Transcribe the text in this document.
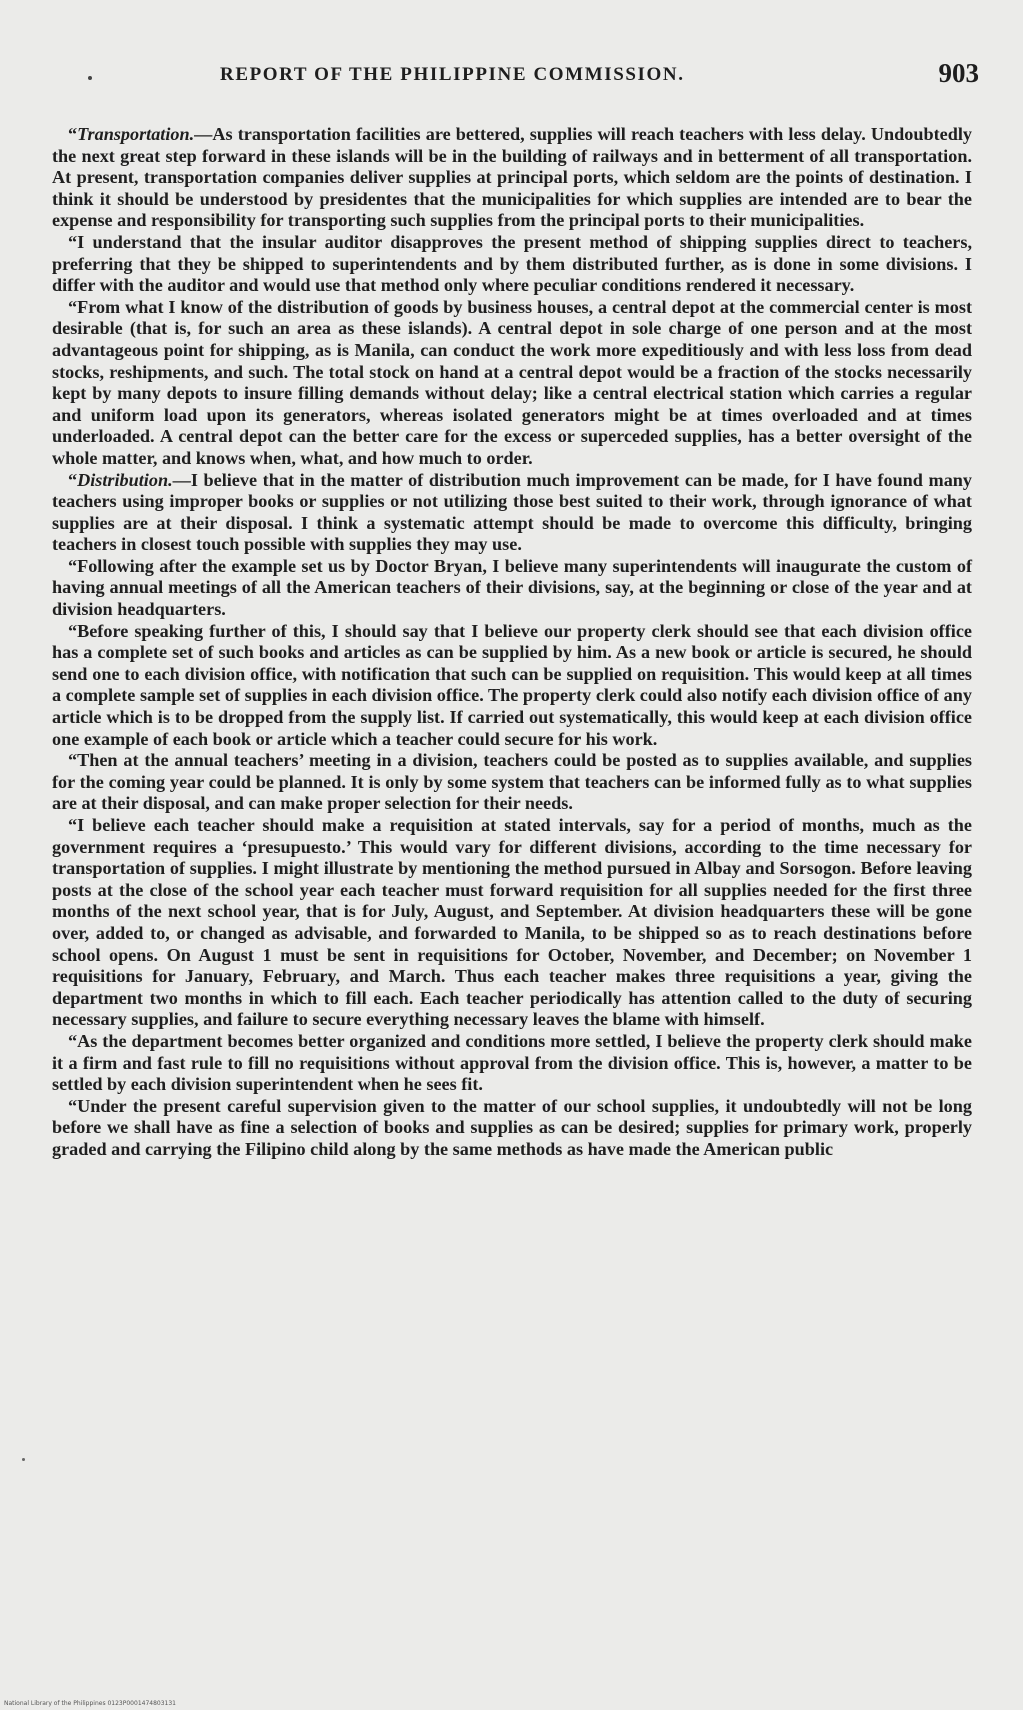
REPORT OF THE PHILIPPINE COMMISSION.	903

“Transportation.—As transportation facilities are bettered, supplies will reach teachers with less delay. Undoubtedly the next great step forward in these islands will be in the building of railways and in betterment of all transportation. At present, transportation companies deliver supplies at principal ports, which seldom are the points of destination. I think it should be understood by presidentes that the municipalities for which supplies are intended are to bear the expense and responsibility for transporting such supplies from the principal ports to their municipalities.

“I understand that the insular auditor disapproves the present method of shipping supplies direct to teachers, preferring that they be shipped to superintendents and by them distributed further, as is done in some divisions. I differ with the auditor and would use that method only where peculiar conditions rendered it necessary.

“From what I know of the distribution of goods by business houses, a central depot at the commercial center is most desirable (that is, for such an area as these islands). A central depot in sole charge of one person and at the most advantageous point for shipping, as is Manila, can conduct the work more expeditiously and with less loss from dead stocks, reshipments, and such. The total stock on hand at a central depot would be a fraction of the stocks necessarily kept by many depots to insure filling demands without delay; like a central electrical station which carries a regular and uniform load upon its generators, whereas isolated generators might be at times overloaded and at times underloaded. A central depot can the better care for the excess or superceded supplies, has a better oversight of the whole matter, and knows when, what, and how much to order.

“Distribution.—I believe that in the matter of distribution much improvement can be made, for I have found many teachers using improper books or supplies or not utilizing those best suited to their work, through ignorance of what supplies are at their disposal. I think a systematic attempt should be made to overcome this difficulty, bringing teachers in closest touch possible with supplies they may use.

“Following after the example set us by Doctor Bryan, I believe many superintendents will inaugurate the custom of having annual meetings of all the American teachers of their divisions, say, at the beginning or close of the year and at division headquarters.

“Before speaking further of this, I should say that I believe our property clerk should see that each division office has a complete set of such books and articles as can be supplied by him. As a new book or article is secured, he should send one to each division office, with notification that such can be supplied on requisition. This would keep at all times a complete sample set of supplies in each division office. The property clerk could also notify each division office of any article which is to be dropped from the supply list. If carried out systematically, this would keep at each division office one example of each book or article which a teacher could secure for his work.

“Then at the annual teachers’ meeting in a division, teachers could be posted as to supplies available, and supplies for the coming year could be planned. It is only by some system that teachers can be informed fully as to what supplies are at their disposal, and can make proper selection for their needs.

“I believe each teacher should make a requisition at stated intervals, say for a period of months, much as the government requires a ‘presupuesto.’ This would vary for different divisions, according to the time necessary for transportation of supplies. I might illustrate by mentioning the method pursued in Albay and Sorsogon. Before leaving posts at the close of the school year each teacher must forward requisition for all supplies needed for the first three months of the next school year, that is for July, August, and September. At division headquarters these will be gone over, added to, or changed as advisable, and forwarded to Manila, to be shipped so as to reach destinations before school opens. On August 1 must be sent in requisitions for October, November, and December; on November 1 requisitions for January, February, and March. Thus each teacher makes three requisitions a year, giving the department two months in which to fill each. Each teacher periodically has attention called to the duty of securing necessary supplies, and failure to secure everything necessary leaves the blame with himself.

“As the department becomes better organized and conditions more settled, I believe the property clerk should make it a firm and fast rule to fill no requisitions without approval from the division office. This is, however, a matter to be settled by each division superintendent when he sees fit.

“Under the present careful supervision given to the matter of our school supplies, it undoubtedly will not be long before we shall have as fine a selection of books and supplies as can be desired; supplies for primary work, properly graded and carrying the Filipino child along by the same methods as have made the American public

National Library of the Philippines 0123P0001474803131
